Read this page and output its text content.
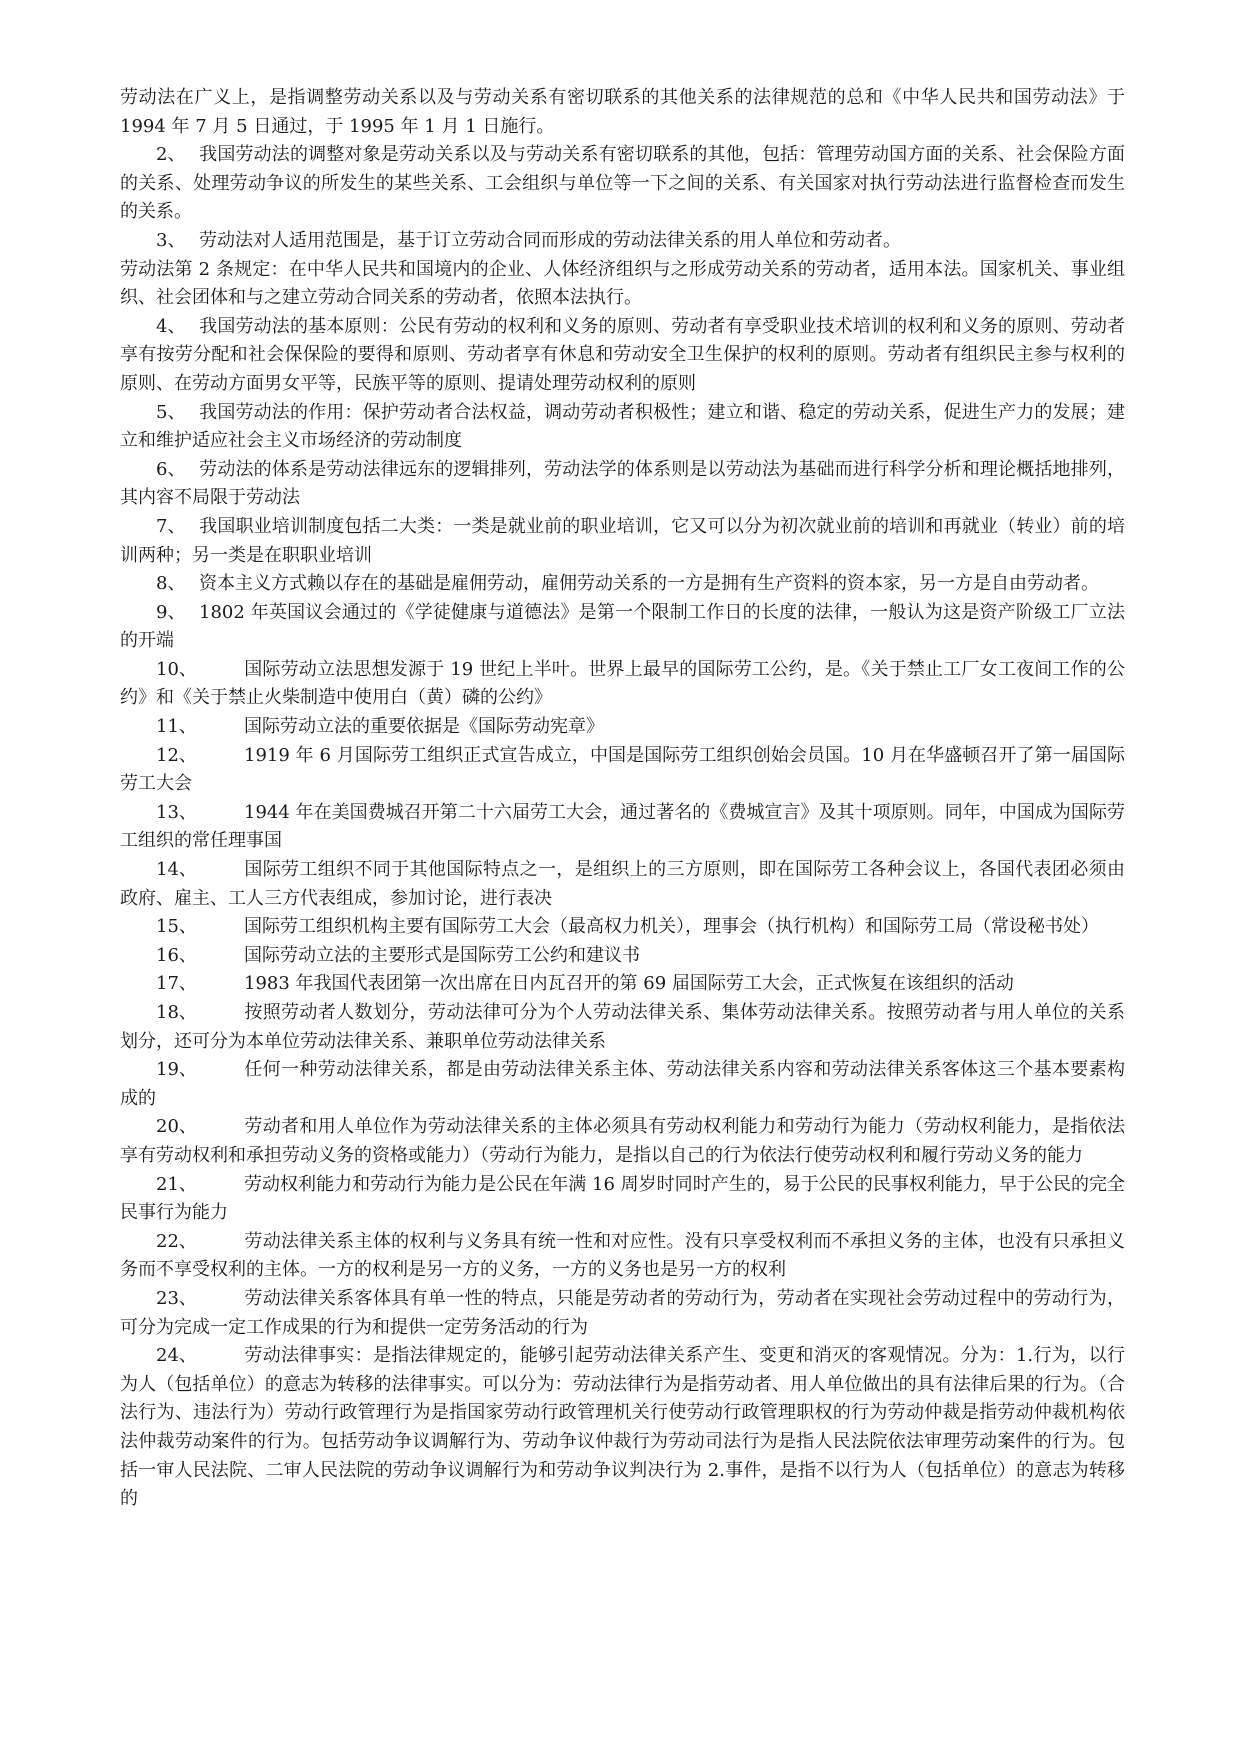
劳动法在广义上，是指调整劳动关系以及与劳动关系有密切联系的其他关系的法律规范的总和《中华人民共和国劳动法》于 1994 年 7 月 5 日通过，于 1995 年 1 月 1 日施行。

2、 我国劳动法的调整对象是劳动关系以及与劳动关系有密切联系的其他，包括：管理劳动国方面的关系、社会保险方面的关系、处理劳动争议的所发生的某些关系、工会组织与单位等一下之间的关系、有关国家对执行劳动法进行监督检查而发生的关系。

3、 劳动法对人适用范围是，基于订立劳动合同而形成的劳动法律关系的用人单位和劳动者。

劳动法第 2 条规定：在中华人民共和国境内的企业、人体经济组织与之形成劳动关系的劳动者，适用本法。国家机关、事业组织、社会团体和与之建立劳动合同关系的劳动者，依照本法执行。

4、 我国劳动法的基本原则：公民有劳动的权利和义务的原则、劳动者有享受职业技术培训的权利和义务的原则、劳动者享有按劳分配和社会保保险的要得和原则、劳动者享有休息和劳动安全卫生保护的权利的原则。劳动者有组织民主参与权利的原则、在劳动方面男女平等，民族平等的原则、提请处理劳动权利的原则

5、 我国劳动法的作用：保护劳动者合法权益，调动劳动者积极性；建立和谐、稳定的劳动关系，促进生产力的发展；建立和维护适应社会主义市场经济的劳动制度

6、 劳动法的体系是劳动法律远东的逻辑排列，劳动法学的体系则是以劳动法为基础而进行科学分析和理论概括地排列，其内容不局限于劳动法

7、 我国职业培训制度包括二大类：一类是就业前的职业培训，它又可以分为初次就业前的培训和再就业（转业）前的培训两种；另一类是在职职业培训

8、 资本主义方式赖以存在的基础是雇佣劳动，雇佣劳动关系的一方是拥有生产资料的资本家，另一方是自由劳动者。

9、 1802 年英国议会通过的《学徒健康与道德法》是第一个限制工作日的长度的法律，一般认为这是资产阶级工厂立法的开端

10、	国际劳动立法思想发源于 19 世纪上半叶。世界上最早的国际劳工公约，是。《关于禁止工厂女工夜间工作的公约》和《关于禁止火柴制造中使用白（黄）磷的公约》

11、	国际劳动立法的重要依据是《国际劳动宪章》

12、	1919 年 6 月国际劳工组织正式宣告成立，中国是国际劳工组织创始会员国。10 月在华盛顿召开了第一届国际劳工大会

13、	1944 年在美国费城召开第二十六届劳工大会，通过著名的《费城宣言》及其十项原则。同年，中国成为国际劳工组织的常任理事国

14、	国际劳工组织不同于其他国际特点之一，是组织上的三方原则，即在国际劳工各种会议上，各国代表团必须由政府、雇主、工人三方代表组成，参加讨论，进行表决

15、	国际劳工组织机构主要有国际劳工大会（最高权力机关），理事会（执行机构）和国际劳工局（常设秘书处）

16、	国际劳动立法的主要形式是国际劳工公约和建议书

17、	1983 年我国代表团第一次出席在日内瓦召开的第 69 届国际劳工大会，正式恢复在该组织的活动

18、	按照劳动者人数划分，劳动法律可分为个人劳动法律关系、集体劳动法律关系。按照劳动者与用人单位的关系划分，还可分为本单位劳动法律关系、兼职单位劳动法律关系

19、	任何一种劳动法律关系，都是由劳动法律关系主体、劳动法律关系内容和劳动法律关系客体这三个基本要素构成的

20、	劳动者和用人单位作为劳动法律关系的主体必须具有劳动权利能力和劳动行为能力（劳动权利能力，是指依法享有劳动权利和承担劳动义务的资格或能力）（劳动行为能力，是指以自己的行为依法行使劳动权利和履行劳动义务的能力

21、	劳动权利能力和劳动行为能力是公民在年满 16 周岁时同时产生的，易于公民的民事权利能力，早于公民的完全民事行为能力

22、	劳动法律关系主体的权利与义务具有统一性和对应性。没有只享受权利而不承担义务的主体，也没有只承担义务而不享受权利的主体。一方的权利是另一方的义务，一方的义务也是另一方的权利

23、	劳动法律关系客体具有单一性的特点，只能是劳动者的劳动行为，劳动者在实现社会劳动过程中的劳动行为，可分为完成一定工作成果的行为和提供一定劳务活动的行为

24、	劳动法律事实：是指法律规定的，能够引起劳动法律关系产生、变更和消灭的客观情况。分为：1.行为，以行为人（包括单位）的意志为转移的法律事实。可以分为：劳动法律行为是指劳动者、用人单位做出的具有法律后果的行为。（合法行为、违法行为）劳动行政管理行为是指国家劳动行政管理机关行使劳动行政管理职权的行为劳动仲裁是指劳动仲裁机构依法仲裁劳动案件的行为。包括劳动争议调解行为、劳动争议仲裁行为劳动司法行为是指人民法院依法审理劳动案件的行为。包括一审人民法院、二审人民法院的劳动争议调解行为和劳动争议判决行为 2.事件，是指不以行为人（包括单位）的意志为转移的
